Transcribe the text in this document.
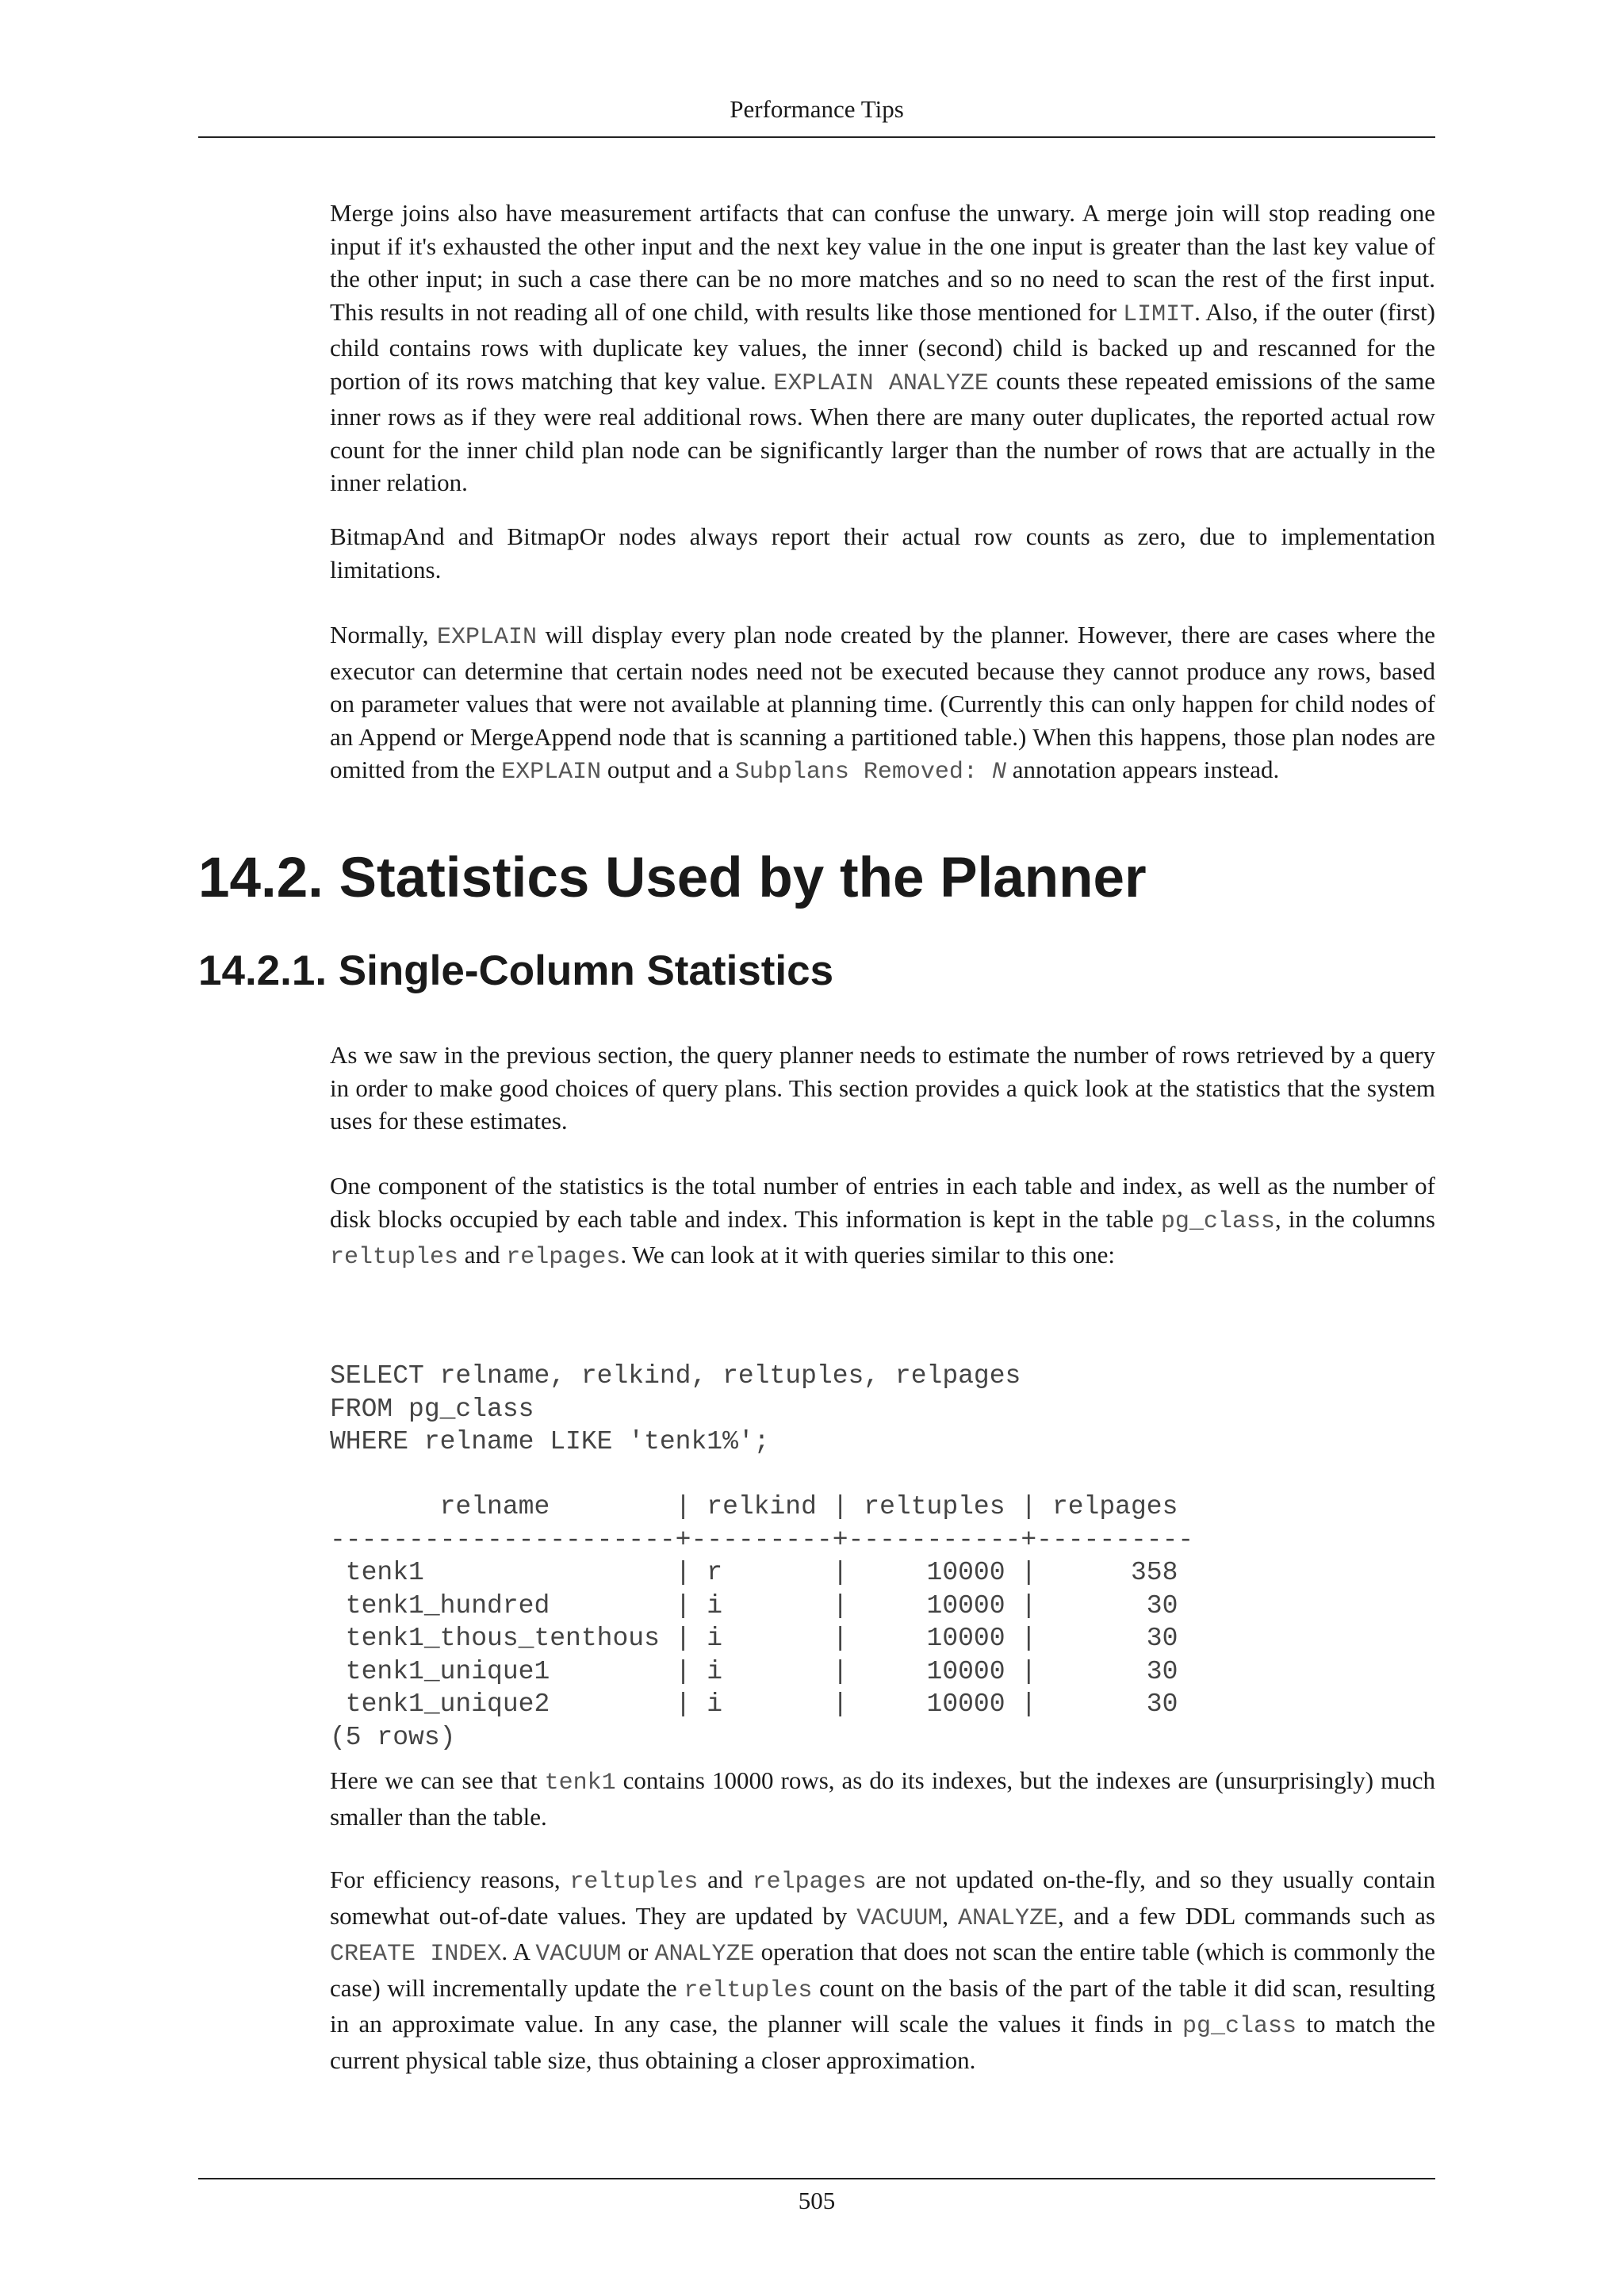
Performance Tips

Merge joins also have measurement artifacts that can confuse the unwary. A merge join will stop reading one input if it's exhausted the other input and the next key value in the one input is greater than the last key value of the other input; in such a case there can be no more matches and so no need to scan the rest of the first input. This results in not reading all of one child, with results like those mentioned for LIMIT. Also, if the outer (first) child contains rows with duplicate key values, the inner (second) child is backed up and rescanned for the portion of its rows matching that key value. EXPLAIN ANALYZE counts these repeated emissions of the same inner rows as if they were real additional rows. When there are many outer duplicates, the reported actual row count for the inner child plan node can be significantly larger than the number of rows that are actually in the inner relation.

BitmapAnd and BitmapOr nodes always report their actual row counts as zero, due to implementation limitations.

Normally, EXPLAIN will display every plan node created by the planner. However, there are cases where the executor can determine that certain nodes need not be executed because they cannot produce any rows, based on parameter values that were not available at planning time. (Currently this can only happen for child nodes of an Append or MergeAppend node that is scanning a partitioned table.) When this happens, those plan nodes are omitted from the EXPLAIN output and a Subplans Removed: N annotation appears instead.

14.2. Statistics Used by the Planner
14.2.1. Single-Column Statistics

As we saw in the previous section, the query planner needs to estimate the number of rows retrieved by a query in order to make good choices of query plans. This section provides a quick look at the statistics that the system uses for these estimates.

One component of the statistics is the total number of entries in each table and index, as well as the number of disk blocks occupied by each table and index. This information is kept in the table pg_class, in the columns reltuples and relpages. We can look at it with queries similar to this one:

SELECT relname, relkind, reltuples, relpages
FROM pg_class
WHERE relname LIKE 'tenk1%';
relname        | relkind | reltuples | relpages
----------------------+---------+-----------+----------
tenk1                | r       |     10000 |      358
tenk1_hundred        | i       |     10000 |       30
tenk1_thous_tenthous | i       |     10000 |       30
tenk1_unique1        | i       |     10000 |       30
tenk1_unique2        | i       |     10000 |       30
(5 rows)

Here we can see that tenk1 contains 10000 rows, as do its indexes, but the indexes are (unsurprisingly) much smaller than the table.

For efficiency reasons, reltuples and relpages are not updated on-the-fly, and so they usually contain somewhat out-of-date values. They are updated by VACUUM, ANALYZE, and a few DDL commands such as CREATE INDEX. A VACUUM or ANALYZE operation that does not scan the entire table (which is commonly the case) will incrementally update the reltuples count on the basis of the part of the table it did scan, resulting in an approximate value. In any case, the planner will scale the values it finds in pg_class to match the current physical table size, thus obtaining a closer approximation.

505
